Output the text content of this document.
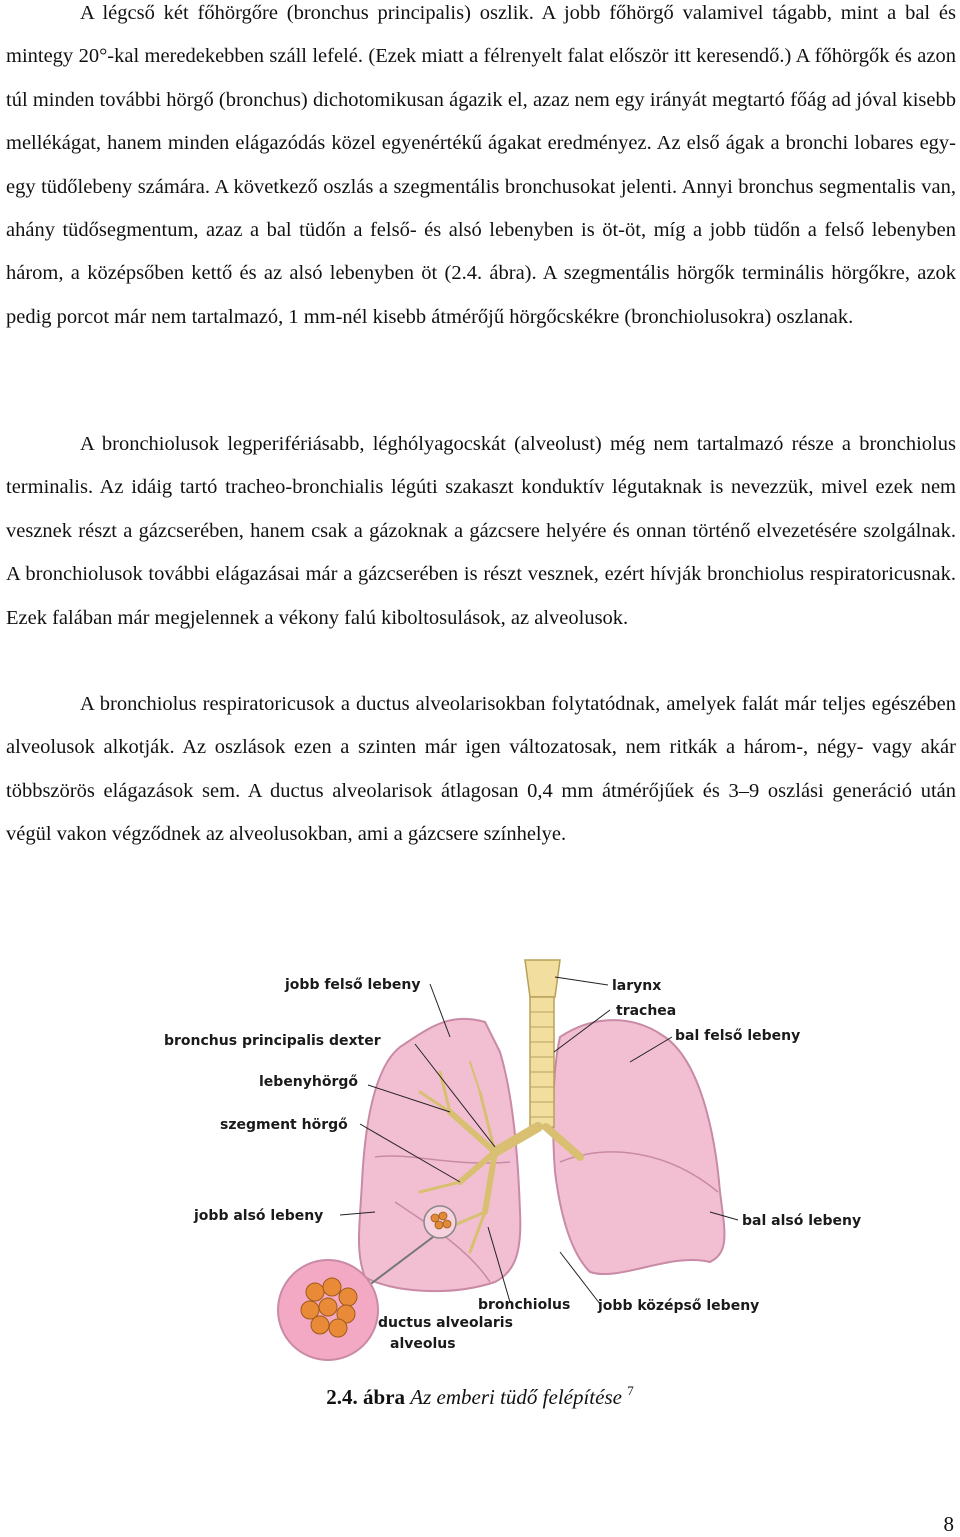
A légcső két főhörgőre (bronchus principalis) oszlik. A jobb főhörgő valamivel tágabb, mint a bal és mintegy 20°-kal meredekebben száll lefelé. (Ezek miatt a félrenyelt falat először itt keresendő.) A főhörgők és azon túl minden további hörgő (bronchus) dichotomikusan ágazik el, azaz nem egy irányát megtartó főág ad jóval kisebb mellékágat, hanem minden elágazódás közel egyenértékű ágakat eredményez. Az első ágak a bronchi lobares egy-egy tüdőlebeny számára. A következő oszlás a szegmentális bronchusokat jelenti. Annyi bronchus segmentalis van, ahány tüdősegmentum, azaz a bal tüdőn a felső- és alsó lebenyben is öt-öt, míg a jobb tüdőn a felső lebenyben három, a középsőben kettő és az alsó lebenyben öt (2.4. ábra). A szegmentális hörgők terminális hörgőkre, azok pedig porcot már nem tartalmazó, 1 mm-nél kisebb átmérőjű hörgőcskékre (bronchiolusokra) oszlanak.

A bronchiolusok legperifériásabb, léghólyagocskát (alveolust) még nem tartalmazó része a bronchiolus terminalis. Az idáig tartó tracheo-bronchialis légúti szakaszt konduktív légutaknak is nevezzük, mivel ezek nem vesznek részt a gázcserében, hanem csak a gázoknak a gázcsere helyére és onnan történő elvezetésére szolgálnak. A bronchiolusok további elágazásai már a gázcserében is részt vesznek, ezért hívják bronchiolus respiratoricusnak. Ezek falában már megjelennek a vékony falú kiboltosulások, az alveolusok.

A bronchiolus respiratoricusok a ductus alveolarisokban folytatódnak, amelyek falát már teljes egészében alveolusok alkotják. Az oszlások ezen a szinten már igen változatosak, nem ritkák a három-, négy- vagy akár többszörös elágazások sem. A ductus alveolarisok átlagosan 0,4 mm átmérőjűek és 3–9 oszlási generáció után végül vakon végződnek az alveolusokban, ami a gázcsere színhelye.

jobb felső lebeny
bronchus principalis dexter
lebenyhörgő
szegment hörgő
jobb alsó lebeny
larynx
trachea
bal felső lebeny
bal alsó lebeny
bronchiolus jobb középső lebeny
ductus alveolaris
alveolus
2.4. ábra Az emberi tüdő felépítése $^7$
8
